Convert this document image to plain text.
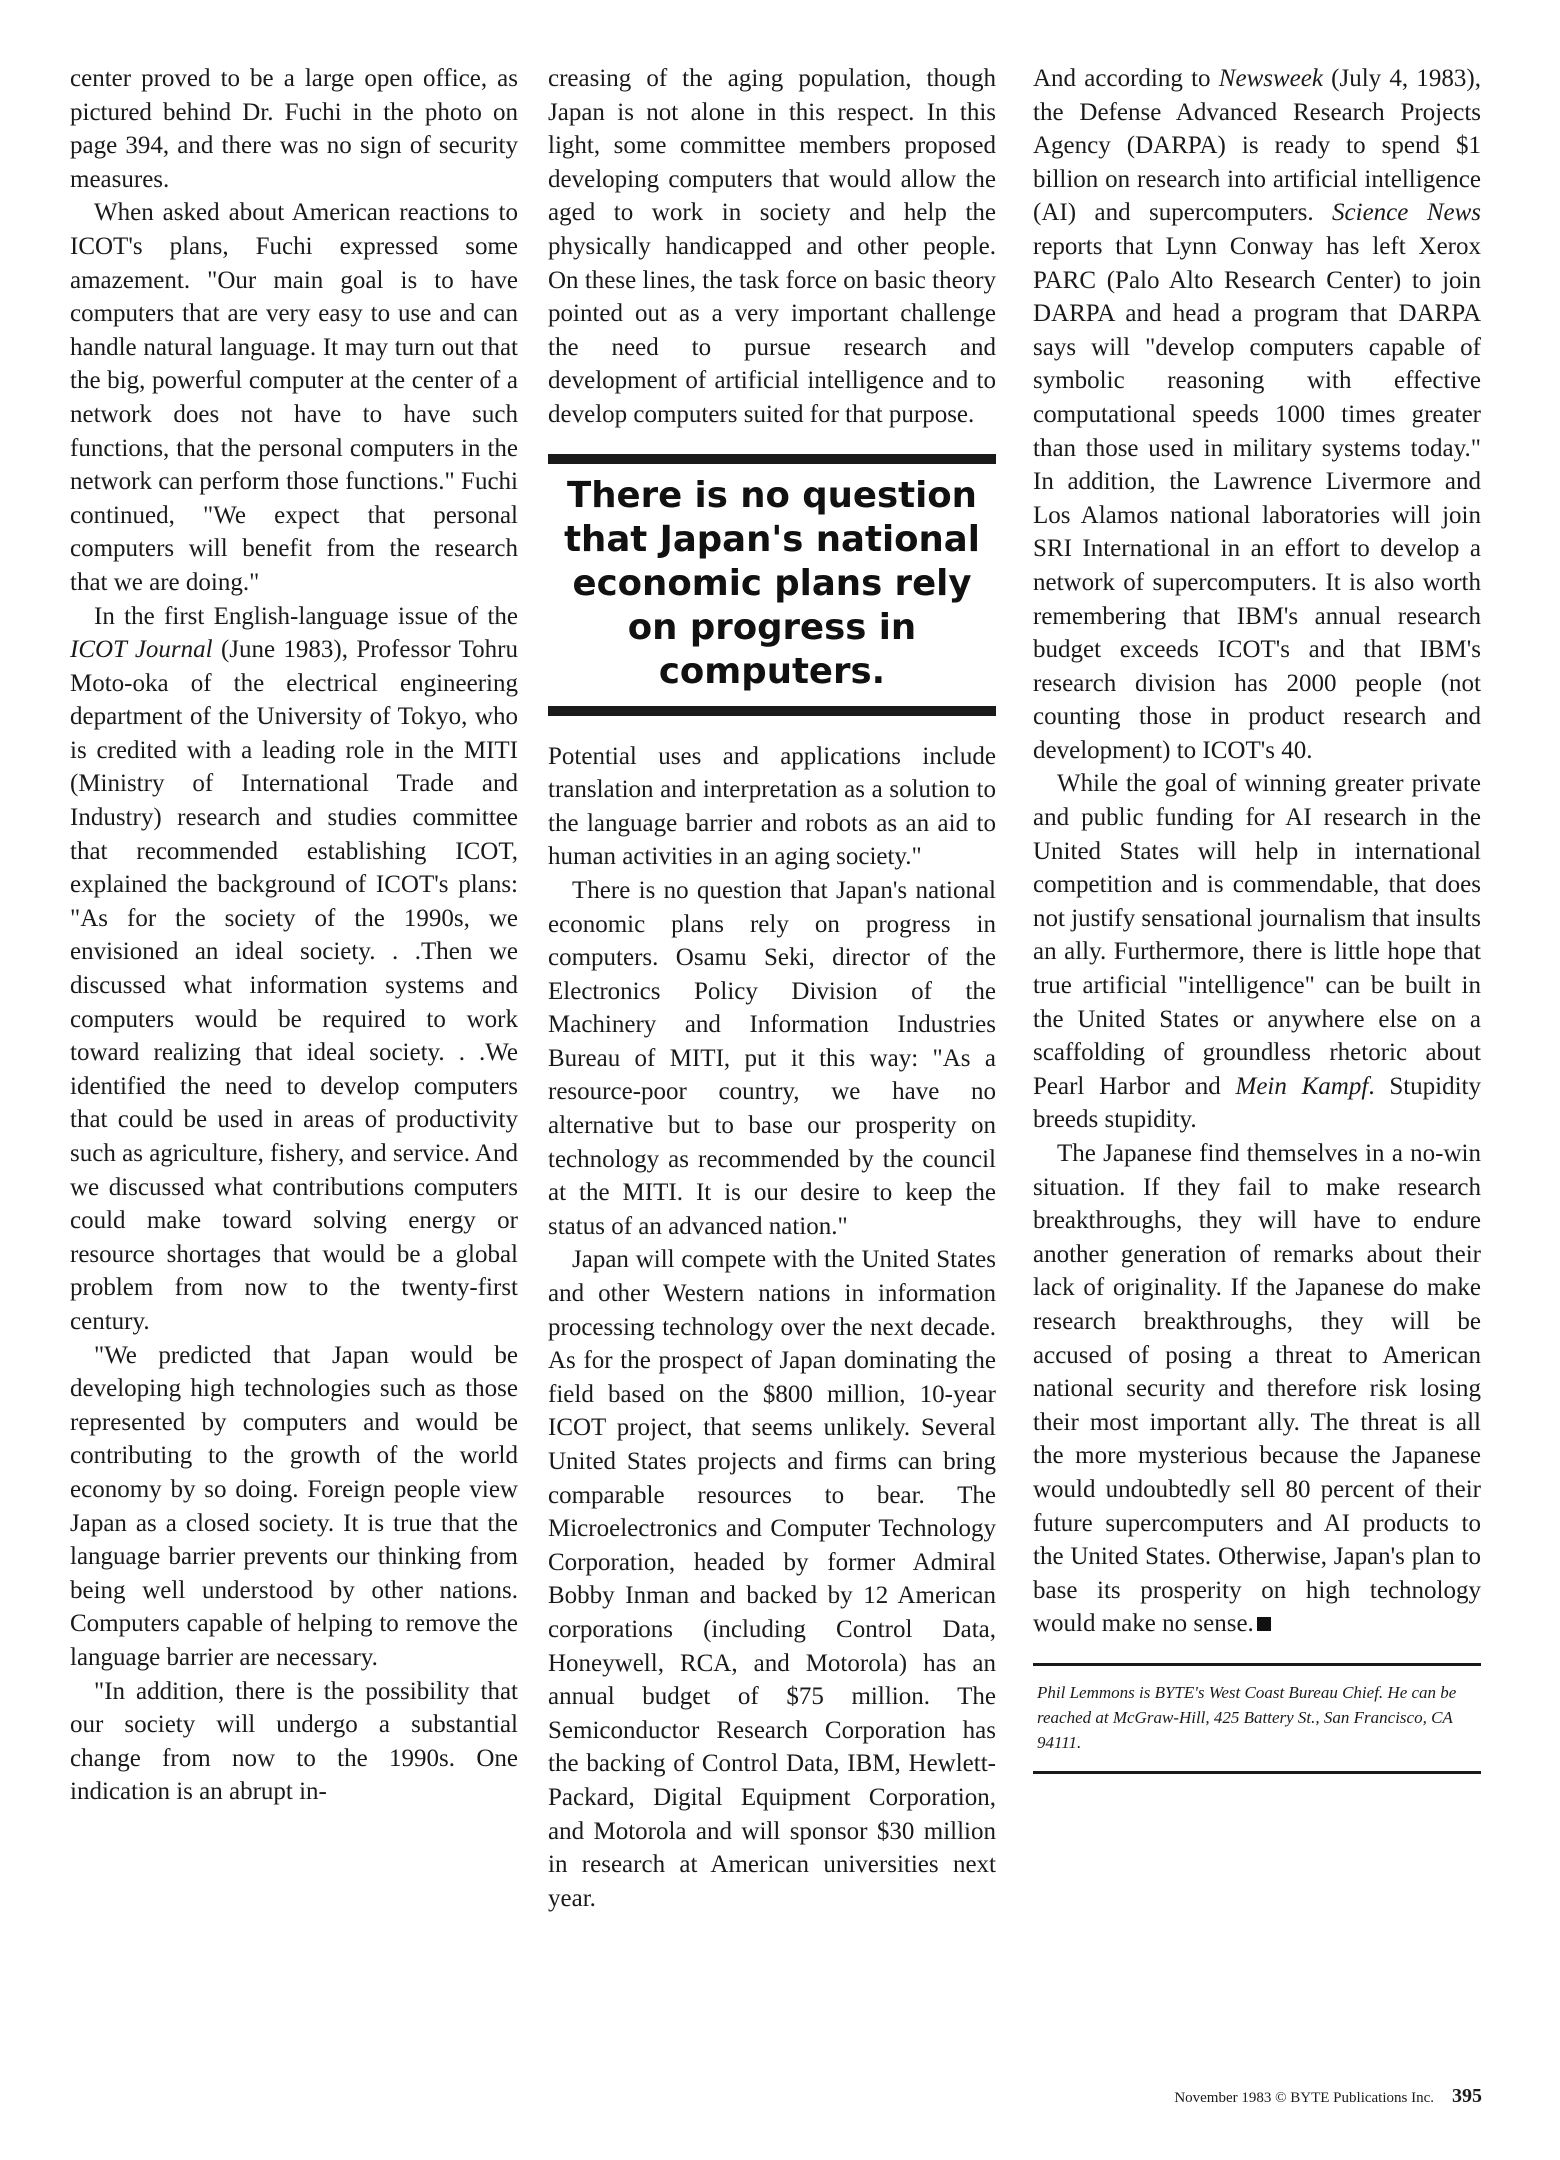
center proved to be a large open office, as pictured behind Dr. Fuchi in the photo on page 394, and there was no sign of security measures.

When asked about American reactions to ICOT's plans, Fuchi expressed some amazement. "Our main goal is to have computers that are very easy to use and can handle natural language. It may turn out that the big, powerful computer at the center of a network does not have to have such functions, that the personal computers in the network can perform those functions." Fuchi continued, "We expect that personal computers will benefit from the research that we are doing."

In the first English-language issue of the ICOT Journal (June 1983), Professor Tohru Moto-oka of the electrical engineering department of the University of Tokyo, who is credited with a leading role in the MITI (Ministry of International Trade and Industry) research and studies committee that recommended establishing ICOT, explained the background of ICOT's plans: "As for the society of the 1990s, we envisioned an ideal society. . .Then we discussed what information systems and computers would be required to work toward realizing that ideal society. . .We identified the need to develop computers that could be used in areas of productivity such as agriculture, fishery, and service. And we discussed what contributions computers could make toward solving energy or resource shortages that would be a global problem from now to the twenty-first century.

"We predicted that Japan would be developing high technologies such as those represented by computers and would be contributing to the growth of the world economy by so doing. Foreign people view Japan as a closed society. It is true that the language barrier prevents our thinking from being well understood by other nations. Computers capable of helping to remove the language barrier are necessary.

"In addition, there is the possibility that our society will undergo a substantial change from now to the 1990s. One indication is an abrupt in-

creasing of the aging population, though Japan is not alone in this respect. In this light, some committee members proposed developing computers that would allow the aged to work in society and help the physically handicapped and other people. On these lines, the task force on basic theory pointed out as a very important challenge the need to pursue research and development of artificial intelligence and to develop computers suited for that purpose.

There is no question that Japan's national economic plans rely on progress in computers.

Potential uses and applications include translation and interpretation as a solution to the language barrier and robots as an aid to human activities in an aging society."

There is no question that Japan's national economic plans rely on progress in computers. Osamu Seki, director of the Electronics Policy Division of the Machinery and Information Industries Bureau of MITI, put it this way: "As a resource-poor country, we have no alternative but to base our prosperity on technology as recommended by the council at the MITI. It is our desire to keep the status of an advanced nation."

Japan will compete with the United States and other Western nations in information processing technology over the next decade. As for the prospect of Japan dominating the field based on the $800 million, 10-year ICOT project, that seems unlikely. Several United States projects and firms can bring comparable resources to bear. The Microelectronics and Computer Technology Corporation, headed by former Admiral Bobby Inman and backed by 12 American corporations (including Control Data, Honeywell, RCA, and Motorola) has an annual budget of $75 million. The Semiconductor Research Corporation has the backing of Control Data, IBM, Hewlett-Packard, Digital Equipment Corporation, and Motorola and will sponsor $30 million in research at American universities next year.

And according to Newsweek (July 4, 1983), the Defense Advanced Research Projects Agency (DARPA) is ready to spend $1 billion on research into artificial intelligence (AI) and supercomputers. Science News reports that Lynn Conway has left Xerox PARC (Palo Alto Research Center) to join DARPA and head a program that DARPA says will "develop computers capable of symbolic reasoning with effective computational speeds 1000 times greater than those used in military systems today." In addition, the Lawrence Livermore and Los Alamos national laboratories will join SRI International in an effort to develop a network of supercomputers. It is also worth remembering that IBM's annual research budget exceeds ICOT's and that IBM's research division has 2000 people (not counting those in product research and development) to ICOT's 40.

While the goal of winning greater private and public funding for AI research in the United States will help in international competition and is commendable, that does not justify sensational journalism that insults an ally. Furthermore, there is little hope that true artificial "intelligence" can be built in the United States or anywhere else on a scaffolding of groundless rhetoric about Pearl Harbor and Mein Kampf. Stupidity breeds stupidity.

The Japanese find themselves in a no-win situation. If they fail to make research breakthroughs, they will have to endure another generation of remarks about their lack of originality. If the Japanese do make research breakthroughs, they will be accused of posing a threat to American national security and therefore risk losing their most important ally. The threat is all the more mysterious because the Japanese would undoubtedly sell 80 percent of their future supercomputers and AI products to the United States. Otherwise, Japan's plan to base its prosperity on high technology would make no sense.

Phil Lemmons is BYTE's West Coast Bureau Chief. He can be reached at McGraw-Hill, 425 Battery St., San Francisco, CA 94111.
November 1983 © BYTE Publications Inc. 395
